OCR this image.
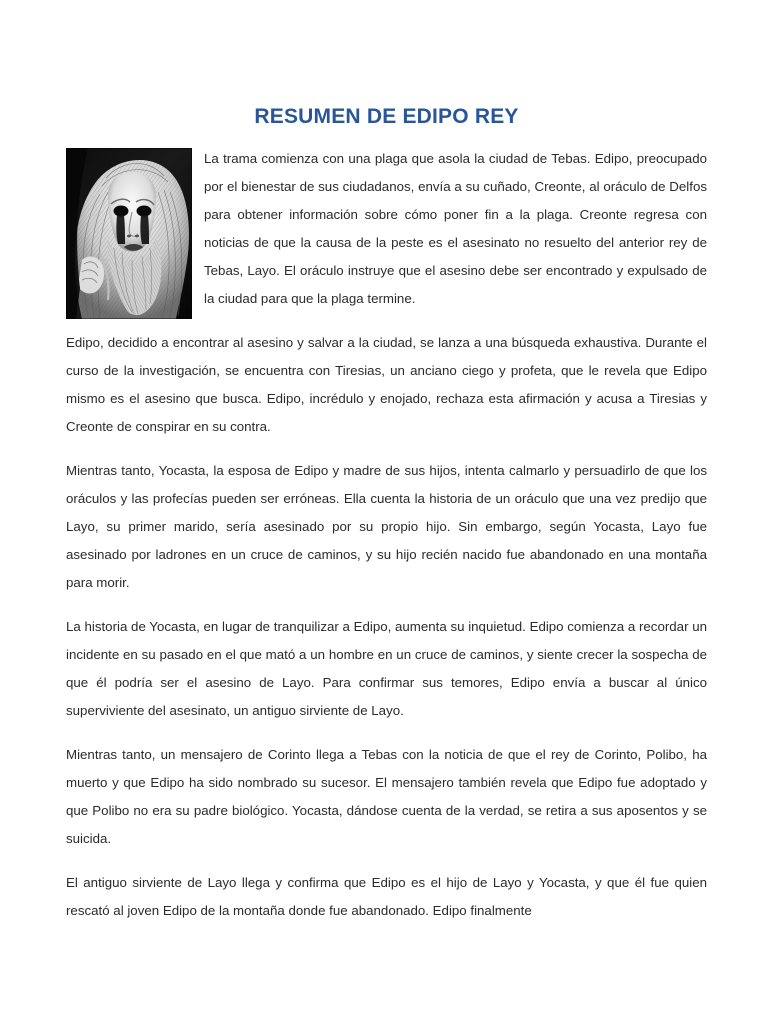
RESUMEN DE EDIPO REY

La trama comienza con una plaga que asola la ciudad de Tebas. Edipo, preocupado por el bienestar de sus ciudadanos, envía a su cuñado, Creonte, al oráculo de Delfos para obtener información sobre cómo poner fin a la plaga. Creonte regresa con noticias de que la causa de la peste es el asesinato no resuelto del anterior rey de Tebas, Layo. El oráculo instruye que el asesino debe ser encontrado y expulsado de la ciudad para que la plaga termine.

Edipo, decidido a encontrar al asesino y salvar a la ciudad, se lanza a una búsqueda exhaustiva. Durante el curso de la investigación, se encuentra con Tiresias, un anciano ciego y profeta, que le revela que Edipo mismo es el asesino que busca. Edipo, incrédulo y enojado, rechaza esta afirmación y acusa a Tiresias y Creonte de conspirar en su contra.

Mientras tanto, Yocasta, la esposa de Edipo y madre de sus hijos, intenta calmarlo y persuadirlo de que los oráculos y las profecías pueden ser erróneas. Ella cuenta la historia de un oráculo que una vez predijo que Layo, su primer marido, sería asesinado por su propio hijo. Sin embargo, según Yocasta, Layo fue asesinado por ladrones en un cruce de caminos, y su hijo recién nacido fue abandonado en una montaña para morir.

La historia de Yocasta, en lugar de tranquilizar a Edipo, aumenta su inquietud. Edipo comienza a recordar un incidente en su pasado en el que mató a un hombre en un cruce de caminos, y siente crecer la sospecha de que él podría ser el asesino de Layo. Para confirmar sus temores, Edipo envía a buscar al único superviviente del asesinato, un antiguo sirviente de Layo.

Mientras tanto, un mensajero de Corinto llega a Tebas con la noticia de que el rey de Corinto, Polibo, ha muerto y que Edipo ha sido nombrado su sucesor. El mensajero también revela que Edipo fue adoptado y que Polibo no era su padre biológico. Yocasta, dándose cuenta de la verdad, se retira a sus aposentos y se suicida.

El antiguo sirviente de Layo llega y confirma que Edipo es el hijo de Layo y Yocasta, y que él fue quien rescató al joven Edipo de la montaña donde fue abandonado. Edipo finalmente
